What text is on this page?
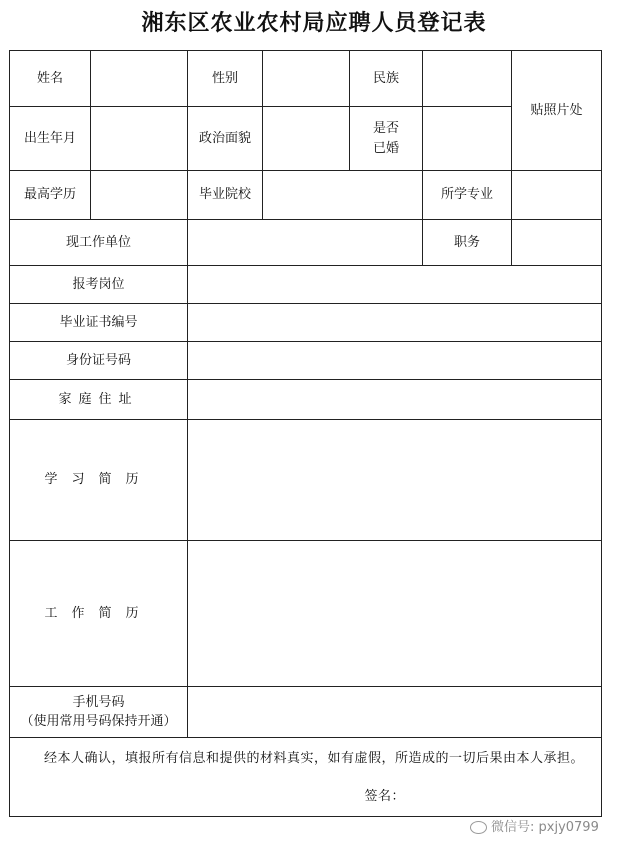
湘东区农业农村局应聘人员登记表
姓名		性别		民族		贴照片处
出生年月		政治面貌		是否
已婚		

最高学历		毕业院校			所学专业	
现工作单位					职务	
报考岗位						
毕业证书编号						
身份证号码						
家庭住址						
学习简历						
工作简历						

手机号码
（使用常用号码保持开通）						

经本人确认，填报所有信息和提供的材料真实，如有虚假，所造成的一切后果由本人承担。
签名：						
微信号: pxjy0799
